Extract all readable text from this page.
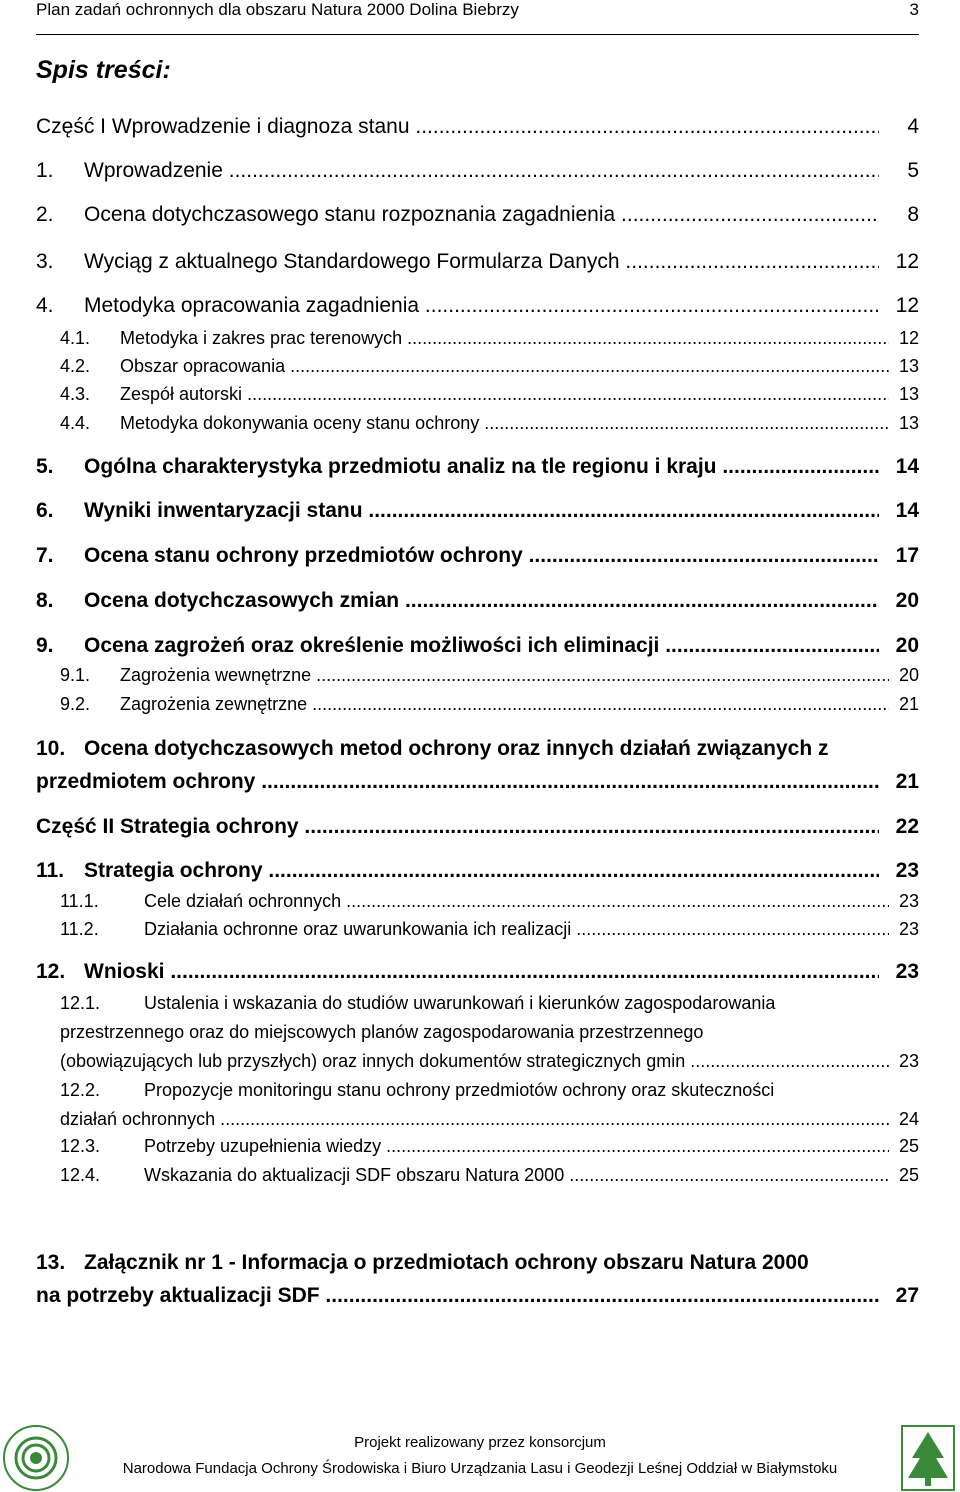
Plan zadań ochronnych dla obszaru Natura 2000 Dolina Biebrzy	3
Spis treści:
Część I Wprowadzenie i diagnoza stanu .....	4
1. Wprowadzenie .....	5
2. Ocena dotychczasowego stanu rozpoznania zagadnienia .....	8
3. Wyciąg z aktualnego Standardowego Formularza Danych .....	12
4. Metodyka opracowania zagadnienia .....	12
4.1. Metodyka i zakres prac terenowych .....	12
4.2. Obszar opracowania .....	13
4.3. Zespół autorski .....	13
4.4. Metodyka dokonywania oceny stanu ochrony .....	13
5. Ogólna charakterystyka przedmiotu analiz na tle regionu i kraju .....	14
6. Wyniki inwentaryzacji stanu .....	14
7. Ocena stanu ochrony przedmiotów ochrony .....	17
8. Ocena dotychczasowych zmian .....	20
9. Ocena zagrożeń oraz określenie możliwości ich eliminacji .....	20
9.1. Zagrożenia wewnętrzne .....	20
9.2. Zagrożenia zewnętrzne .....	21
10. Ocena dotychczasowych metod ochrony oraz innych działań związanych z
przedmiotem ochrony .....	21
Część II Strategia ochrony .....	22
11. Strategia ochrony .....	23
11.1.	Cele działań ochronnych .....	23
11.2.	Działania ochronne oraz uwarunkowania ich realizacji .....	23
12. Wnioski .....	23
12.1. Ustalenia i wskazania do studiów uwarunkowań i kierunków zagospodarowania
przestrzennego oraz do miejscowych planów zagospodarowania przestrzennego
(obowiązujących lub przyszłych) oraz innych dokumentów strategicznych gmin .....	23
12.2. Propozycje monitoringu stanu ochrony przedmiotów ochrony oraz skuteczności
działań ochronnych .....	24
12.3. Potrzeby uzupełnienia wiedzy .....	25
12.4. Wskazania do aktualizacji SDF obszaru Natura 2000 .....	25
13. Załącznik nr 1 - Informacja o przedmiotach ochrony obszaru Natura 2000
na potrzeby aktualizacji SDF .....	27
Projekt realizowany przez konsorcjum
Narodowa Fundacja Ochrony Środowiska i Biuro Urządzania Lasu i Geodezji Leśnej Oddział w Białymstoku
